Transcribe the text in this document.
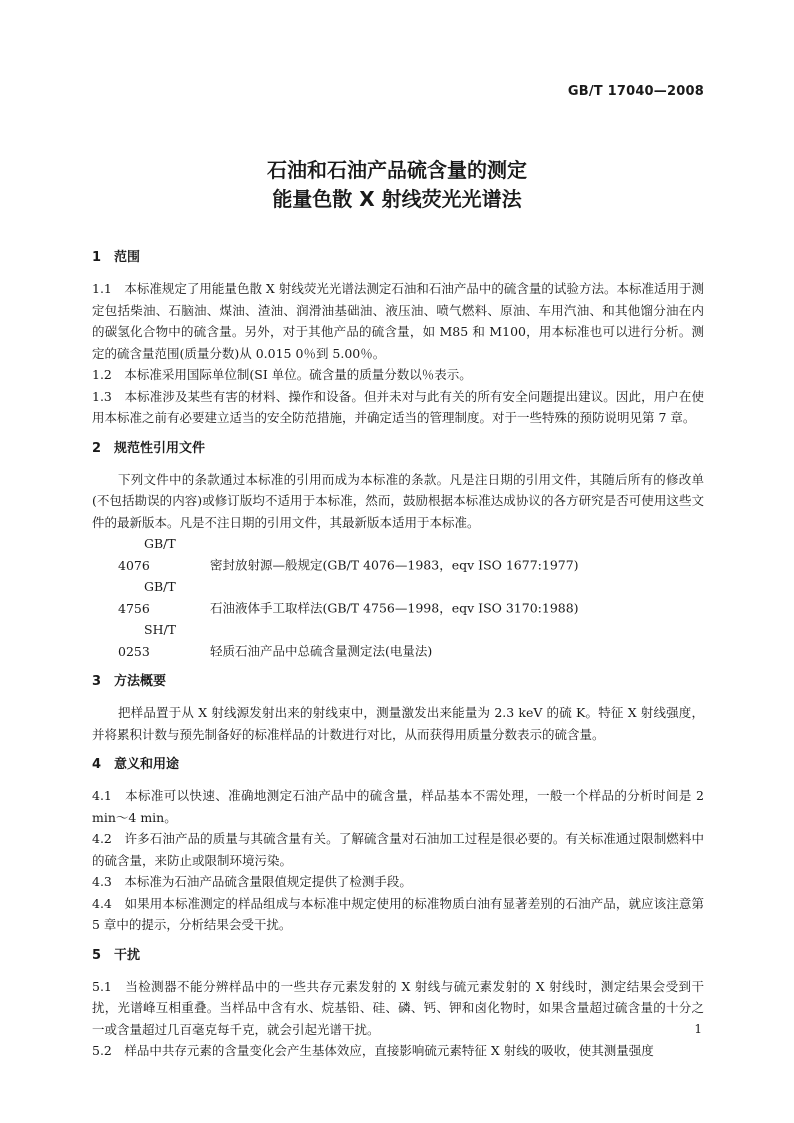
GB/T 17040—2008
石油和石油产品硫含量的测定
能量色散 X 射线荧光光谱法

1　范围

1.1　本标准规定了用能量色散 X 射线荧光光谱法测定石油和石油产品中的硫含量的试验方法。本标准适用于测定包括柴油、石脑油、煤油、渣油、润滑油基础油、液压油、喷气燃料、原油、车用汽油、和其他馏分油在内的碳氢化合物中的硫含量。另外，对于其他产品的硫含量，如 M85 和 M100，用本标准也可以进行分析。测定的硫含量范围(质量分数)从 0.015 0％到 5.00％。

1.2　本标准采用国际单位制(SI 单位。硫含量的质量分数以％表示。

1.3　本标准涉及某些有害的材料、操作和设备。但并未对与此有关的所有安全问题提出建议。因此，用户在使用本标准之前有必要建立适当的安全防范措施，并确定适当的管理制度。对于一些特殊的预防说明见第 7 章。

2　规范性引用文件

下列文件中的条款通过本标准的引用而成为本标准的条款。凡是注日期的引用文件，其随后所有的修改单(不包括勘误的内容)或修订版均不适用于本标准，然而，鼓励根据本标准达成协议的各方研究是否可使用这些文件的最新版本。凡是不注日期的引用文件，其最新版本适用于本标准。

GB/T 4076	密封放射源—般规定(GB/T 4076—1983，eqv ISO 1677:1977)
GB/T 4756	石油液体手工取样法(GB/T 4756—1998，eqv ISO 3170:1988)
SH/T 0253	轻质石油产品中总硫含量测定法(电量法)

3　方法概要

把样品置于从 X 射线源发射出来的射线束中，测量激发出来能量为 2.3 keV 的硫 K。特征 X 射线强度，并将累积计数与预先制备好的标准样品的计数进行对比，从而获得用质量分数表示的硫含量。

4　意义和用途

4.1　本标准可以快速、准确地测定石油产品中的硫含量，样品基本不需处理，一般一个样品的分析时间是 2 min～4 min。

4.2　许多石油产品的质量与其硫含量有关。了解硫含量对石油加工过程是很必要的。有关标准通过限制燃料中的硫含量，来防止或限制环境污染。

4.3　本标准为石油产品硫含量限值规定提供了检测手段。

4.4　如果用本标准测定的样品组成与本标准中规定使用的标准物质白油有显著差别的石油产品，就应该注意第 5 章中的提示，分析结果会受干扰。

5　干扰

5.1　当检测器不能分辨样品中的一些共存元素发射的 X 射线与硫元素发射的 X 射线时，测定结果会受到干扰，光谱峰互相重叠。当样品中含有水、烷基铅、硅、磷、钙、钾和卤化物时，如果含量超过硫含量的十分之一或含量超过几百毫克每千克，就会引起光谱干扰。

5.2　样品中共存元素的含量变化会产生基体效应，直接影响硫元素特征 X 射线的吸收，使其测量强度

1
